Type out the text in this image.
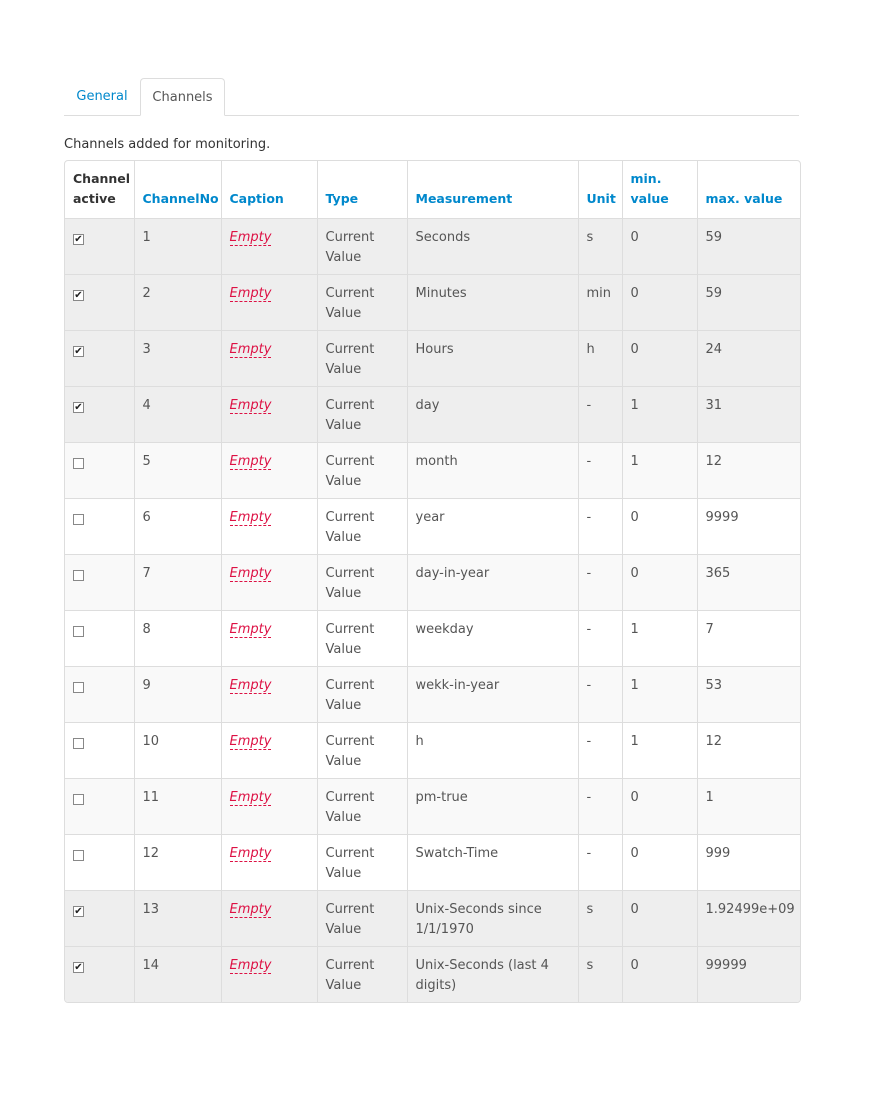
General	Channels
Channels added for monitoring.
Channel active	ChannelNo	Caption	Type	Measurement	Unit	min. value	max. value
✔	1	Empty	Current Value	Seconds	s	0	59
✔	2	Empty	Current Value	Minutes	min	0	59
✔	3	Empty	Current Value	Hours	h	0	24
✔	4	Empty	Current Value	day	-	1	31
	5	Empty	Current Value	month	-	1	12
	6	Empty	Current Value	year	-	0	9999
	7	Empty	Current Value	day-in-year	-	0	365
	8	Empty	Current Value	weekday	-	1	7
	9	Empty	Current Value	wekk-in-year	-	1	53
	10	Empty	Current Value	h	-	1	12
	11	Empty	Current Value	pm-true	-	0	1
	12	Empty	Current Value	Swatch-Time	-	0	999
✔	13	Empty	Current Value	Unix-Seconds since 1/1/1970	s	0	1.92499e+09
✔	14	Empty	Current Value	Unix-Seconds (last 4 digits)	s	0	99999
